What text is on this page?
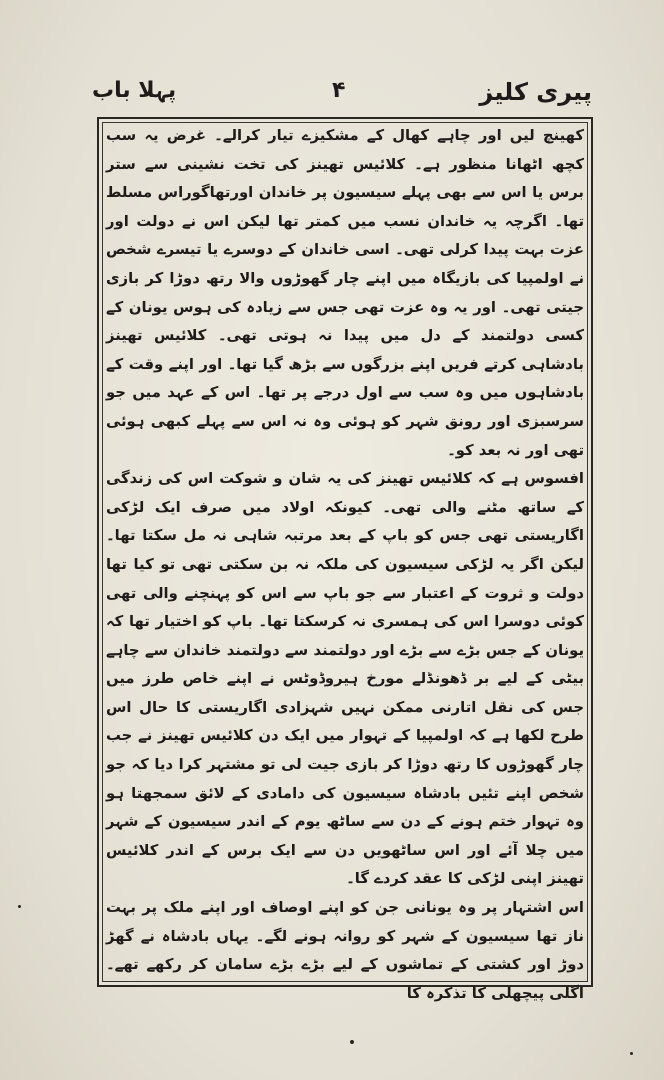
پیری کلیز
۴
پہلا باب

کھینچ لیں اور چاہے کھال کے مشکیزے تیار کرالے۔ غرض یہ سب کچھ اٹھانا منظور ہے۔ کلائیس تھینز کی تخت نشینی سے ستر برس یا اس سے بھی پہلے سیسیون پر خاندان اورتھاگوراس مسلط تھا۔ اگرچہ یہ خاندان نسب میں کمتر تھا لیکن اس نے دولت اور عزت بہت پیدا کرلی تھی۔ اسی خاندان کے دوسرے یا تیسرے شخص نے اولمپیا کی بازیگاہ میں اپنے چار گھوڑوں والا رتھ دوڑا کر بازی جیتی تھی۔ اور یہ وہ عزت تھی جس سے زیادہ کی ہوس یونان کے کسی دولتمند کے دل میں پیدا نہ ہوتی تھی۔ کلائیس تھینز بادشاہی کرتے فریں اپنے بزرگوں سے بڑھ گیا تھا۔ اور اپنے وقت کے بادشاہوں میں وہ سب سے اول درجے پر تھا۔ اس کے عہد میں جو سرسبزی اور رونق شہر کو ہوئی وہ نہ اس سے پہلے کبھی ہوئی تھی اور نہ بعد کو۔

افسوس ہے کہ کلائیس تھینز کی یہ شان و شوکت اس کی زندگی کے ساتھ مٹنے والی تھی۔ کیونکہ اولاد میں صرف ایک لڑکی اگاریستی تھی جس کو باپ کے بعد مرتبہ شاہی نہ مل سکتا تھا۔ لیکن اگر یہ لڑکی سیسیون کی ملکہ نہ بن سکتی تھی تو کیا تھا دولت و ثروت کے اعتبار سے جو باپ سے اس کو پہنچنے والی تھی کوئی دوسرا اس کی ہمسری نہ کرسکتا تھا۔ باپ کو اختیار تھا کہ یونان کے جس بڑے سے بڑے اور دولتمند سے دولتمند خاندان سے چاہے بیٹی کے لیے بر ڈھونڈلے مورخ ہیروڈوٹس نے اپنے خاص طرز میں جس کی نقل اتارنی ممکن نہیں شہزادی اگاریستی کا حال اس طرح لکھا ہے کہ اولمپیا کے تہوار میں ایک دن کلائیس تھینز نے جب چار گھوڑوں کا رتھ دوڑا کر بازی جیت لی تو مشتہر کرا دیا کہ جو شخص اپنے تئیں بادشاہ سیسیون کی دامادی کے لائق سمجھتا ہو وہ تہوار ختم ہونے کے دن سے ساٹھ یوم کے اندر سیسیون کے شہر میں چلا آئے اور اس ساٹھویں دن سے ایک برس کے اندر کلائیس تھینز اپنی لڑکی کا عقد کردے گا۔

اس اشتہار پر وہ یونانی جن کو اپنے اوصاف اور اپنے ملک پر بہت ناز تھا سیسیون کے شہر کو روانہ ہونے لگے۔ یہاں بادشاہ نے گھڑ دوڑ اور کشتی کے تماشوں کے لیے بڑے بڑے سامان کر رکھے تھے۔ اگلی پیچھلی کا تذکرہ کا
